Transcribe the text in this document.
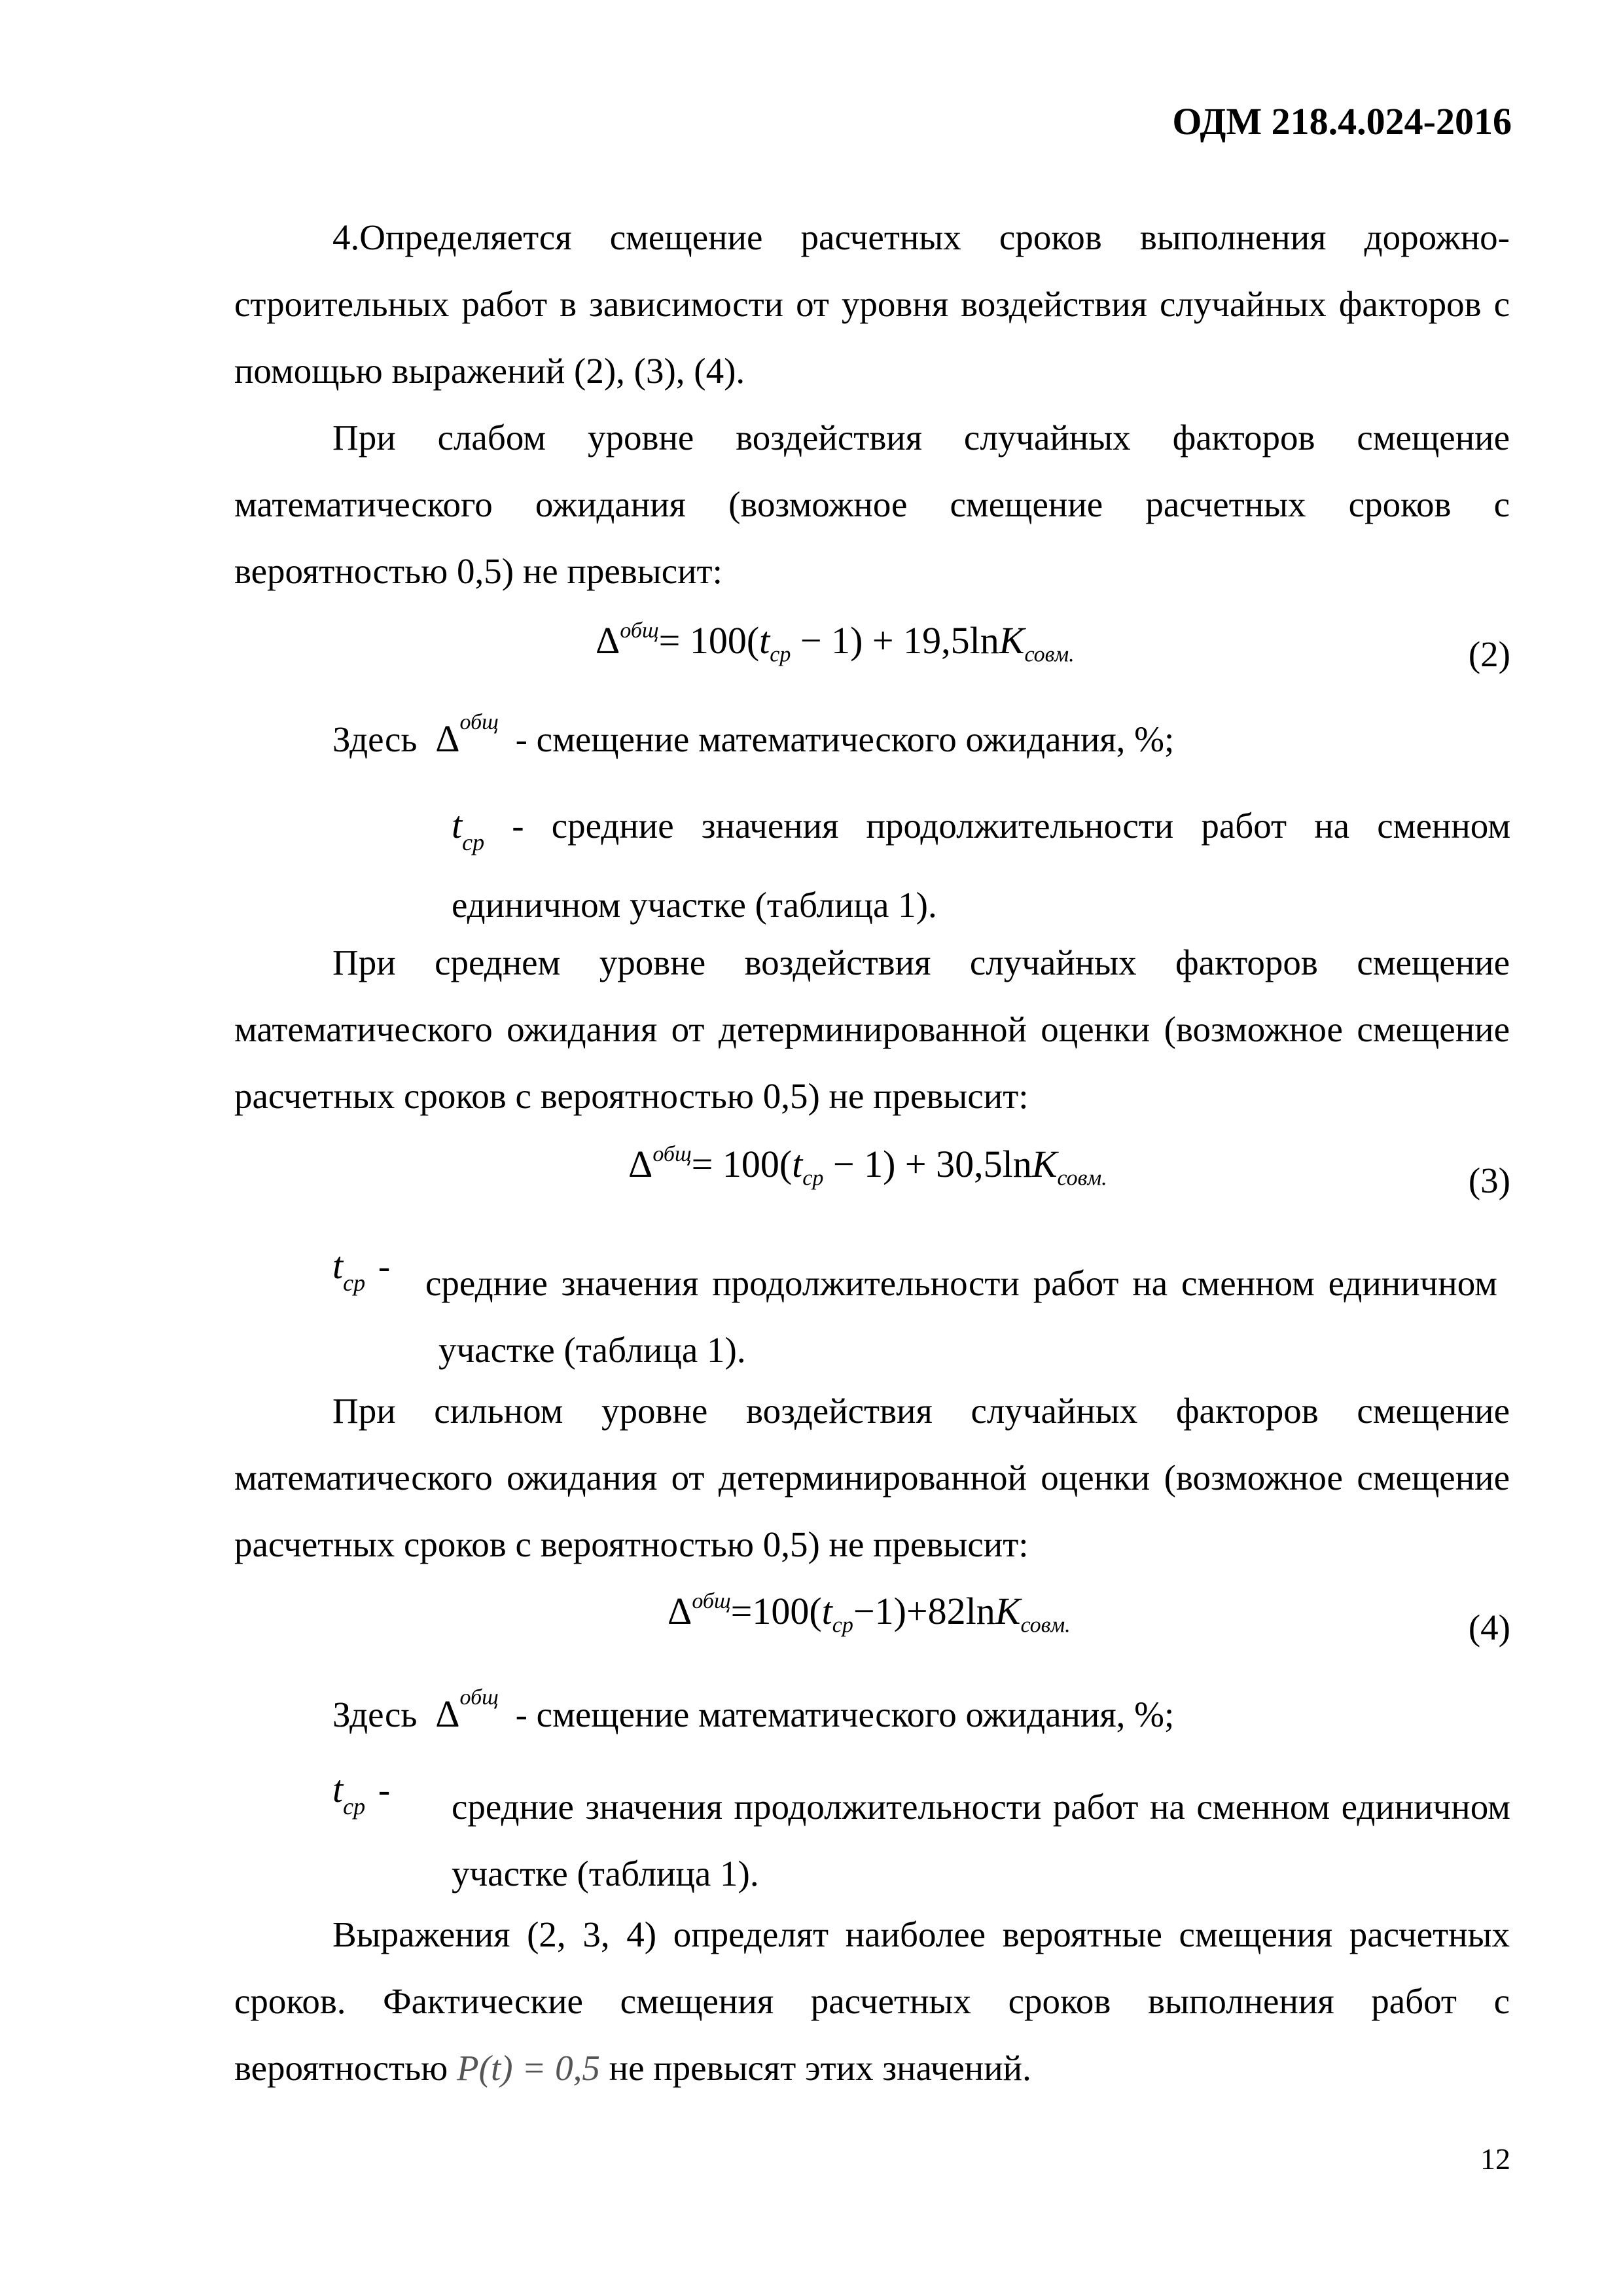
ОДМ 218.4.024-2016
4.Определяется смещение расчетных сроков выполнения дорожно-строительных работ в зависимости от уровня воздействия случайных факторов с помощью выражений (2), (3), (4).
При слабом уровне воздействия случайных факторов смещение математического ожидания (возможное смещение расчетных сроков с вероятностью 0,5) не превысит:
$\Delta^{общ}= 100(t_{ср} - 1) + 19,5\ln K_{совм.}$	(2)
Здесь $\Delta^{общ}$ - смещение математического ожидания, %;
$t_{ср}$ - средние значения продолжительности работ на сменном единичном участке (таблица 1).
При среднем уровне воздействия случайных факторов смещение математического ожидания от детерминированной оценки (возможное смещение расчетных сроков с вероятностью 0,5) не превысит:
$\Delta^{общ}= 100(t_{ср} - 1) + 30,5\ln K_{совм.}$	(3)
$t_{ср}$ - средние значения продолжительности работ на сменном единичном участке (таблица 1).
При сильном уровне воздействия случайных факторов смещение математического ожидания от детерминированной оценки (возможное смещение расчетных сроков с вероятностью 0,5) не превысит:
$\Delta^{общ}=100(t_{ср}-1)+82\ln K_{совм.}$	(4)
Здесь $\Delta^{общ}$ - смещение математического ожидания, %;
$t_{ср}$ - средние значения продолжительности работ на сменном единичном участке (таблица 1).
Выражения (2, 3, 4) определят наиболее вероятные смещения расчетных сроков. Фактические смещения расчетных сроков выполнения работ с вероятностью P(t) = 0,5 не превысят этих значений.
12
